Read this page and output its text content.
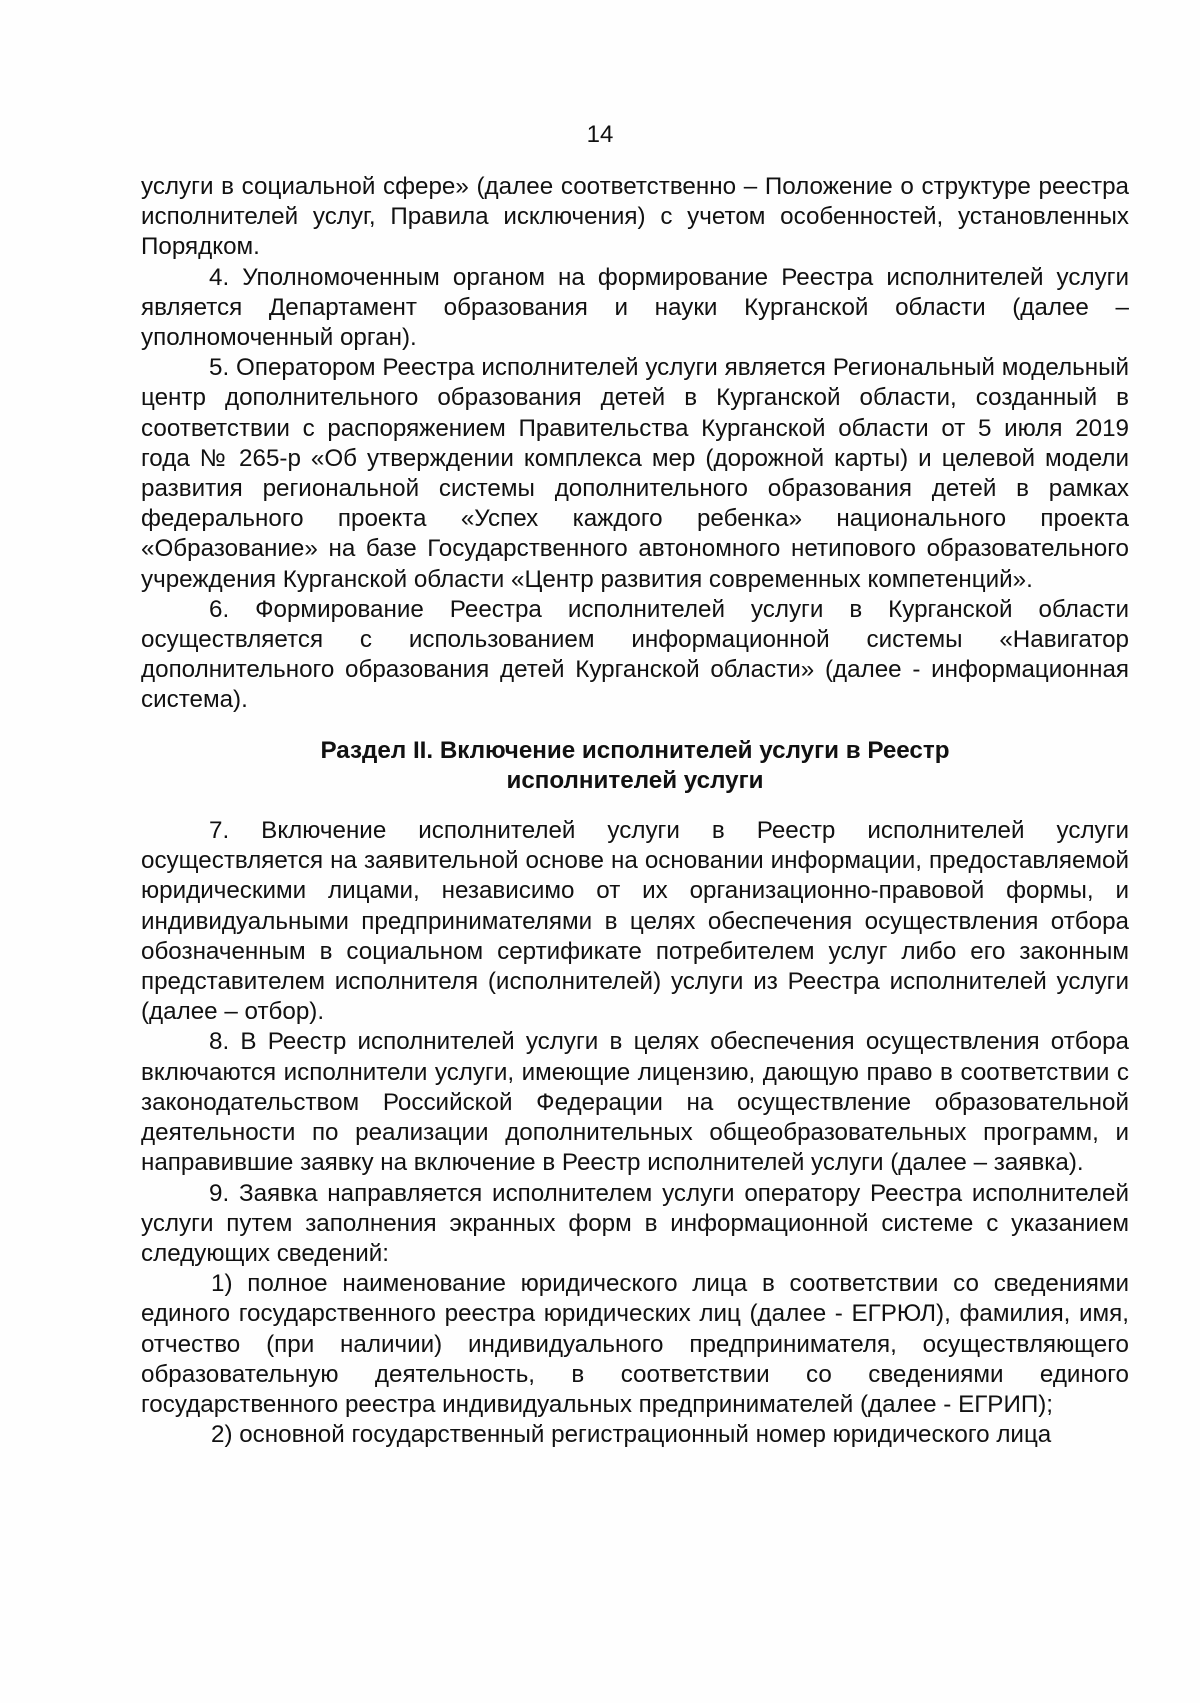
14

услуги в социальной сфере» (далее соответственно – Положение о структуре реестра исполнителей услуг, Правила исключения) с учетом особенностей, установленных Порядком.

4. Уполномоченным органом на формирование Реестра исполнителей услуги является Департамент образования и науки Курганской области (далее – уполномоченный орган).

5. Оператором Реестра исполнителей услуги является Региональный модельный центр дополнительного образования детей в Курганской области, созданный в соответствии с распоряжением Правительства Курганской области от 5 июля 2019 года № 265-р «Об утверждении комплекса мер (дорожной карты) и целевой модели развития региональной системы дополнительного образования детей в рамках федерального проекта «Успех каждого ребенка» национального проекта «Образование» на базе Государственного автономного нетипового образовательного учреждения Курганской области «Центр развития современных компетенций».

6. Формирование Реестра исполнителей услуги в Курганской области осуществляется с использованием информационной системы «Навигатор дополнительного образования детей Курганской области» (далее - информационная система).

Раздел II. Включение исполнителей услуги в Реестр
исполнителей услуги

7. Включение исполнителей услуги в Реестр исполнителей услуги осуществляется на заявительной основе на основании информации, предоставляемой юридическими лицами, независимо от их организационно-правовой формы, и индивидуальными предпринимателями в целях обеспечения осуществления отбора обозначенным в социальном сертификате потребителем услуг либо его законным представителем исполнителя (исполнителей) услуги из Реестра исполнителей услуги (далее – отбор).

8. В Реестр исполнителей услуги в целях обеспечения осуществления отбора включаются исполнители услуги, имеющие лицензию, дающую право в соответствии с законодательством Российской Федерации на осуществление образовательной деятельности по реализации дополнительных общеобразовательных программ, и направившие заявку на включение в Реестр исполнителей услуги (далее – заявка).

9. Заявка направляется исполнителем услуги оператору Реестра исполнителей услуги путем заполнения экранных форм в информационной системе с указанием следующих сведений:

1) полное наименование юридического лица в соответствии со сведениями единого государственного реестра юридических лиц (далее - ЕГРЮЛ), фамилия, имя, отчество (при наличии) индивидуального предпринимателя, осуществляющего образовательную деятельность, в соответствии со сведениями единого государственного реестра индивидуальных предпринимателей (далее - ЕГРИП);

2) основной государственный регистрационный номер юридического лица
